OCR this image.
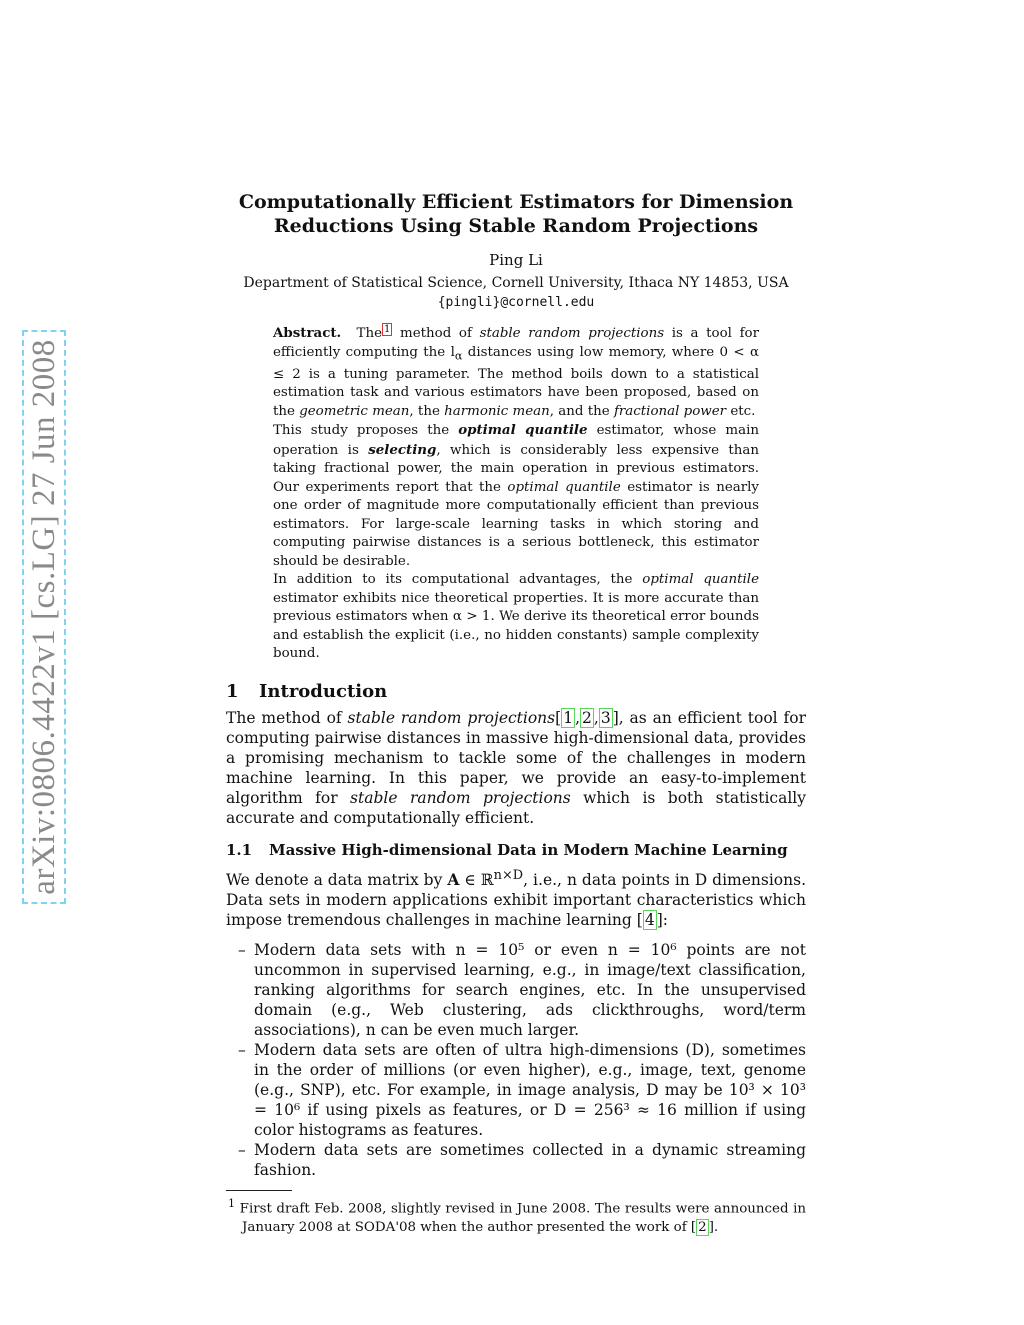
arXiv:0806.4422v1 [cs.LG] 27 Jun 2008
Computationally Efficient Estimators for Dimension
Reductions Using Stable Random Projections
Ping Li
Department of Statistical Science, Cornell University, Ithaca NY 14853, USA
{pingli}@cornell.edu

Abstract. The $^1$ method of stable random projections is a tool for efficiently computing the $l_\alpha$ distances using low memory, where 0 < α ≤ 2 is a tuning parameter. The method boils down to a statistical estimation task and various estimators have been proposed, based on the geometric mean, the harmonic mean, and the fractional power etc.

This study proposes the optimal quantile estimator, whose main operation is selecting, which is considerably less expensive than taking fractional power, the main operation in previous estimators. Our experiments report that the optimal quantile estimator is nearly one order of magnitude more computationally efficient than previous estimators. For large-scale learning tasks in which storing and computing pairwise distances is a serious bottleneck, this estimator should be desirable.

In addition to its computational advantages, the optimal quantile estimator exhibits nice theoretical properties. It is more accurate than previous estimators when α > 1. We derive its theoretical error bounds and establish the explicit (i.e., no hidden constants) sample complexity bound.

1 Introduction

The method of stable random projections[ 1 , 2 , 3 ], as an efficient tool for computing pairwise distances in massive high-dimensional data, provides a promising mechanism to tackle some of the challenges in modern machine learning. In this paper, we provide an easy-to-implement algorithm for stable random projections which is both statistically accurate and computationally efficient.

1.1 Massive High-dimensional Data in Modern Machine Learning

We denote a data matrix by A ∈ ℝ$^{n\times D}$, i.e., n data points in D dimensions. Data sets in modern applications exhibit important characteristics which impose tremendous challenges in machine learning [ 4 ]:

– Modern data sets with n = 10⁵ or even n = 10⁶ points are not uncommon in supervised learning, e.g., in image/text classification, ranking algorithms for search engines, etc. In the unsupervised domain (e.g., Web clustering, ads clickthroughs, word/term associations), n can be even much larger.
– Modern data sets are often of ultra high-dimensions (D), sometimes in the order of millions (or even higher), e.g., image, text, genome (e.g., SNP), etc. For example, in image analysis, D may be 10³ × 10³ = 10⁶ if using pixels as features, or D = 256³ ≈ 16 million if using color histograms as features.
– Modern data sets are sometimes collected in a dynamic streaming fashion.
$^1$ First draft Feb. 2008, slightly revised in June 2008. The results were announced in January 2008 at SODA'08 when the author presented the work of [ 2 ].
